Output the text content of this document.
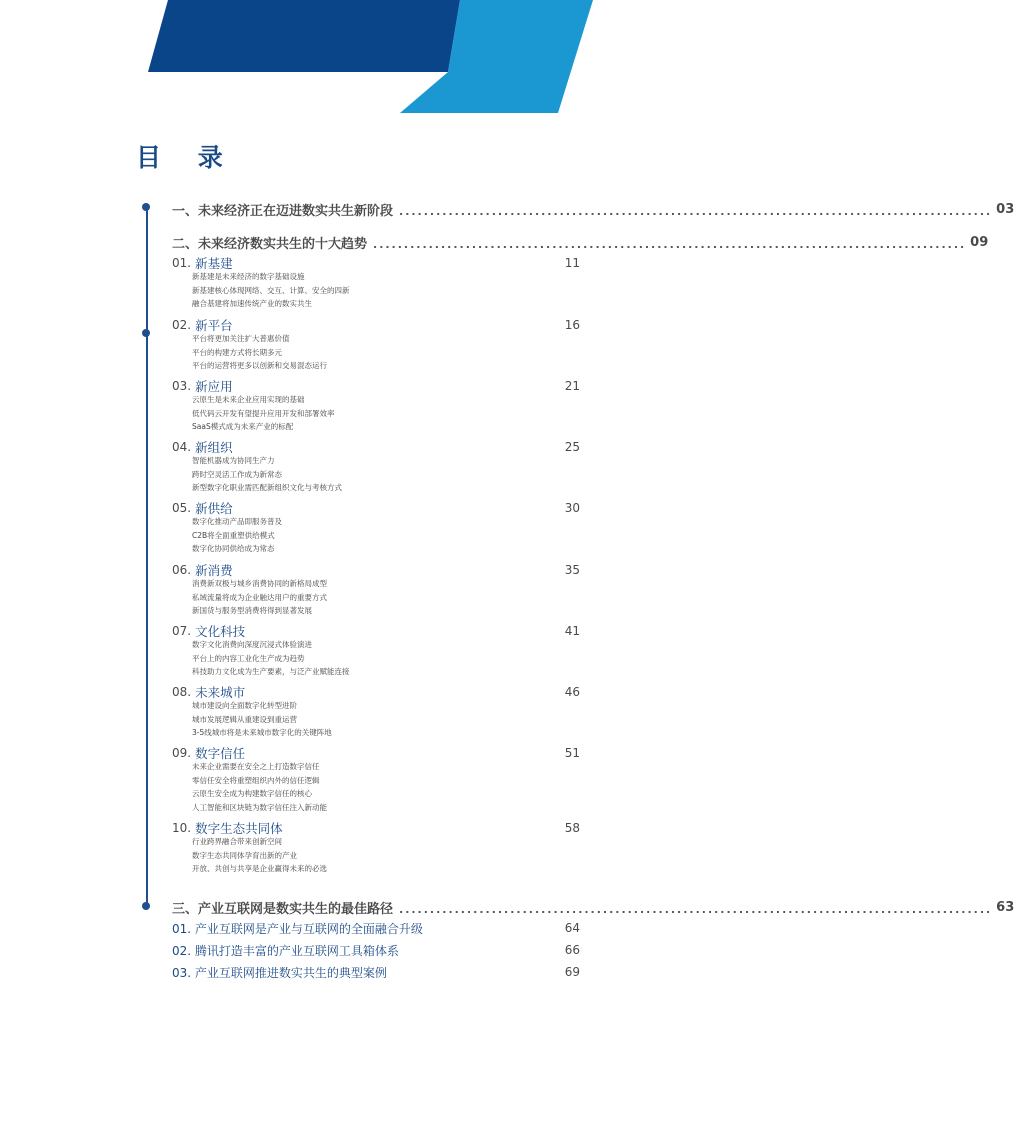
目 录
一、未来经济正在迈进数实共生新阶段 ................................................................................................ 03
二、未来经济数实共生的十大趋势 ................................................................................................ 09
01. 新基建	11
新基建是未来经济的数字基础设施
新基建核心体现网络、交互、计算、安全的四新
融合基建将加速传统产业的数实共生
02. 新平台	16
平台将更加关注扩大普惠价值
平台的构建方式将长期多元
平台的运营将更多以创新和交易混态运行
03. 新应用	21
云原生是未来企业应用实现的基础
低代码云开发有望提升应用开发和部署效率
SaaS模式成为未来产业的标配
04. 新组织	25
智能机器成为协同生产力
跨时空灵活工作成为新常态
新型数字化职业需匹配新组织文化与考核方式
05. 新供给	30
数字化推动产品即服务普及
C2B将全面重塑供给模式
数字化协同供给成为常态
06. 新消费	35
消费新双极与城乡消费协同的新格局成型
私域流量将成为企业触达用户的重要方式
新国货与服务型消费将得到显著发展
07. 文化科技	41
数字文化消费向深度沉浸式体验演进
平台上的内容工业化生产成为趋势
科技助力文化成为生产要素，与泛产业赋能连接
08. 未来城市	46
城市建设向全面数字化转型进阶
城市发展逻辑从重建设到重运营
3-5线城市将是未来城市数字化的关键阵地
09. 数字信任	51
未来企业需要在安全之上打造数字信任
零信任安全将重塑组织内外的信任逻辑
云原生安全成为构建数字信任的核心
人工智能和区块链为数字信任注入新动能
10. 数字生态共同体	58
行业跨界融合带来创新空间
数字生态共同体孕育出新的产业
开放、共创与共享是企业赢得未来的必选
三、产业互联网是数实共生的最佳路径 ................................................................................................ 63
01. 产业互联网是产业与互联网的全面融合升级	64
02. 腾讯打造丰富的产业互联网工具箱体系	66
03. 产业互联网推进数实共生的典型案例	69
